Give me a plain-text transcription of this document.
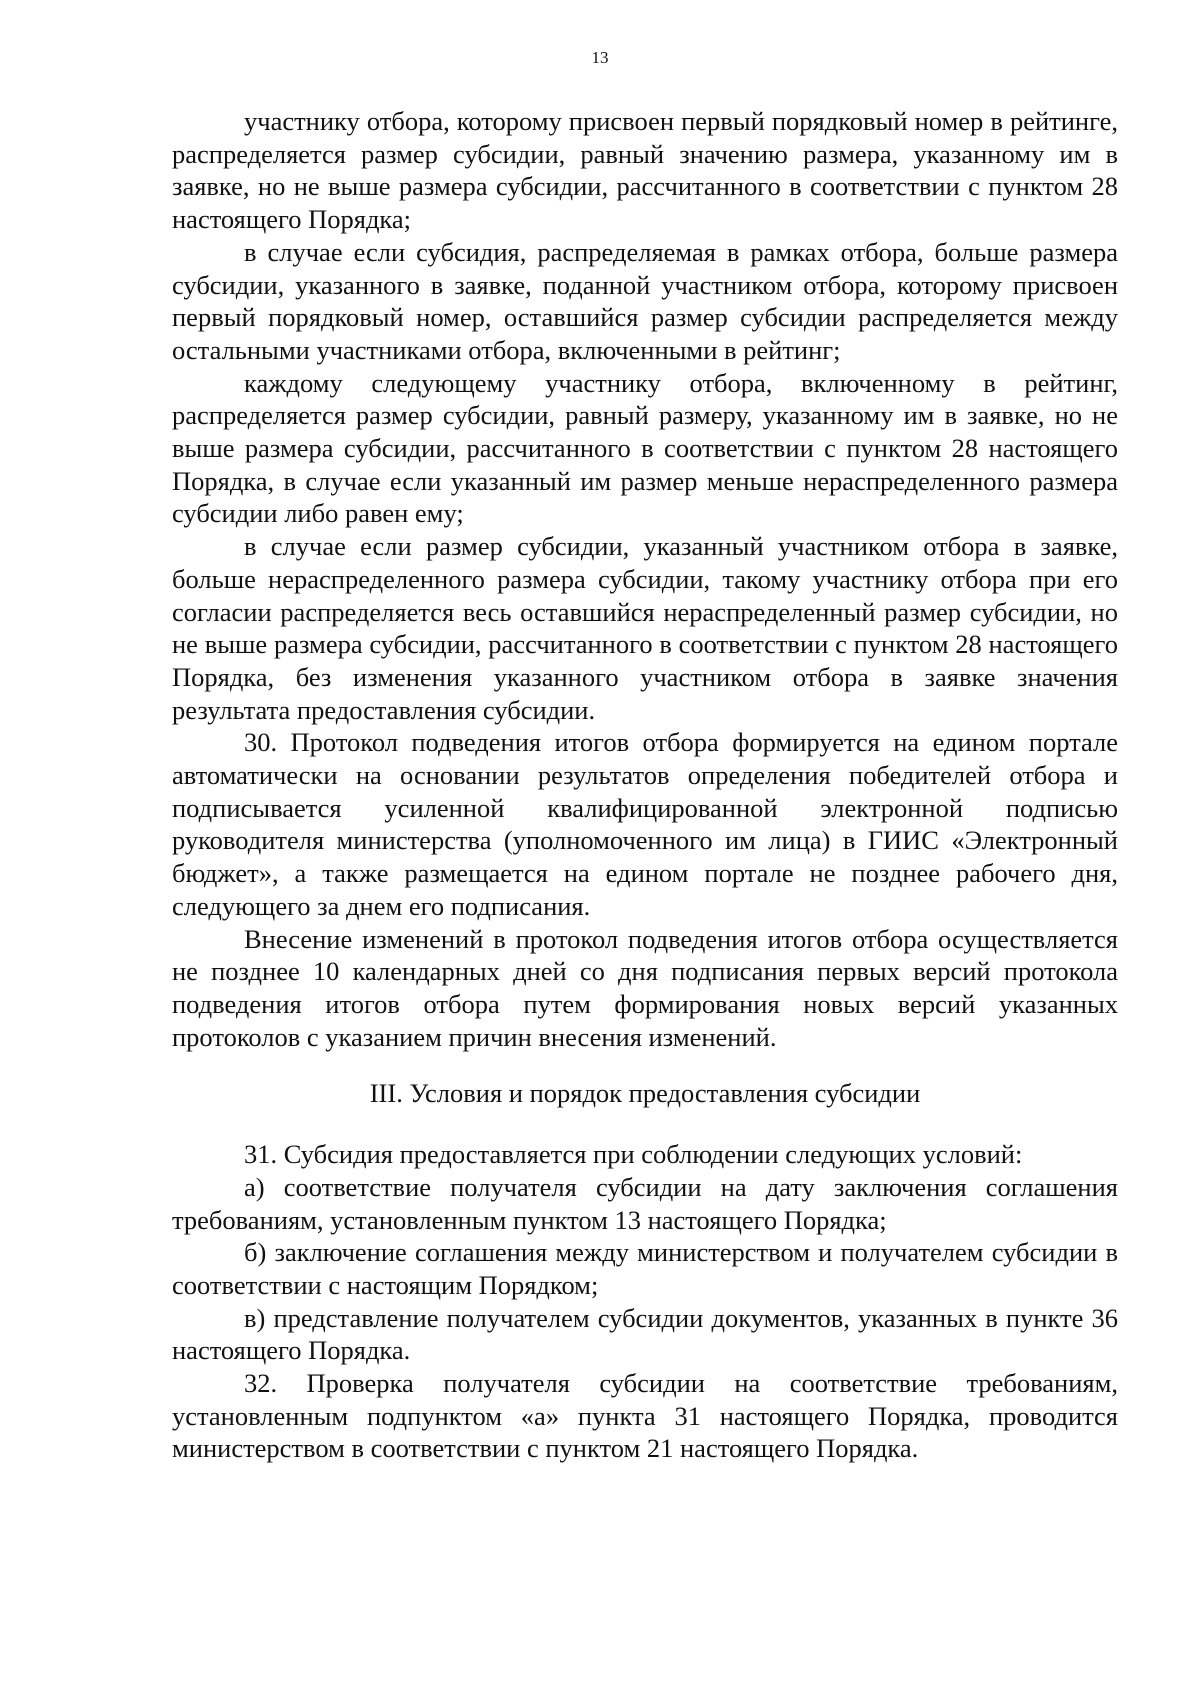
13

участнику отбора, которому присвоен первый порядковый номер в рейтинге, распределяется размер субсидии, равный значению размера, указанному им в заявке, но не выше размера субсидии, рассчитанного в соответствии с пунктом 28 настоящего Порядка;

в случае если субсидия, распределяемая в рамках отбора, больше размера субсидии, указанного в заявке, поданной участником отбора, которому присвоен первый порядковый номер, оставшийся размер субсидии распределяется между остальными участниками отбора, включенными в рейтинг;

каждому следующему участнику отбора, включенному в рейтинг, распределяется размер субсидии, равный размеру, указанному им в заявке, но не выше размера субсидии, рассчитанного в соответствии с пунктом 28 настоящего Порядка, в случае если указанный им размер меньше нераспределенного размера субсидии либо равен ему;

в случае если размер субсидии, указанный участником отбора в заявке, больше нераспределенного размера субсидии, такому участнику отбора при его согласии распределяется весь оставшийся нераспределенный размер субсидии, но не выше размера субсидии, рассчитанного в соответствии с пунктом 28 настоящего Порядка, без изменения указанного участником отбора в заявке значения результата предоставления субсидии.

30. Протокол подведения итогов отбора формируется на едином портале автоматически на основании результатов определения победителей отбора и подписывается усиленной квалифицированной электронной подписью руководителя министерства (уполномоченного им лица) в ГИИС «Электронный бюджет», а также размещается на едином портале не позднее рабочего дня, следующего за днем его подписания.

Внесение изменений в протокол подведения итогов отбора осуществляется не позднее 10 календарных дней со дня подписания первых версий протокола подведения итогов отбора путем формирования новых версий указанных протоколов с указанием причин внесения изменений.

III. Условия и порядок предоставления субсидии

31. Субсидия предоставляется при соблюдении следующих условий:

а) соответствие получателя субсидии на дату заключения соглашения требованиям, установленным пунктом 13 настоящего Порядка;

б) заключение соглашения между министерством и получателем субсидии в соответствии с настоящим Порядком;

в) представление получателем субсидии документов, указанных в пункте 36 настоящего Порядка.

32. Проверка получателя субсидии на соответствие требованиям, установленным подпунктом «а» пункта 31 настоящего Порядка, проводится министерством в соответствии с пунктом 21 настоящего Порядка.
